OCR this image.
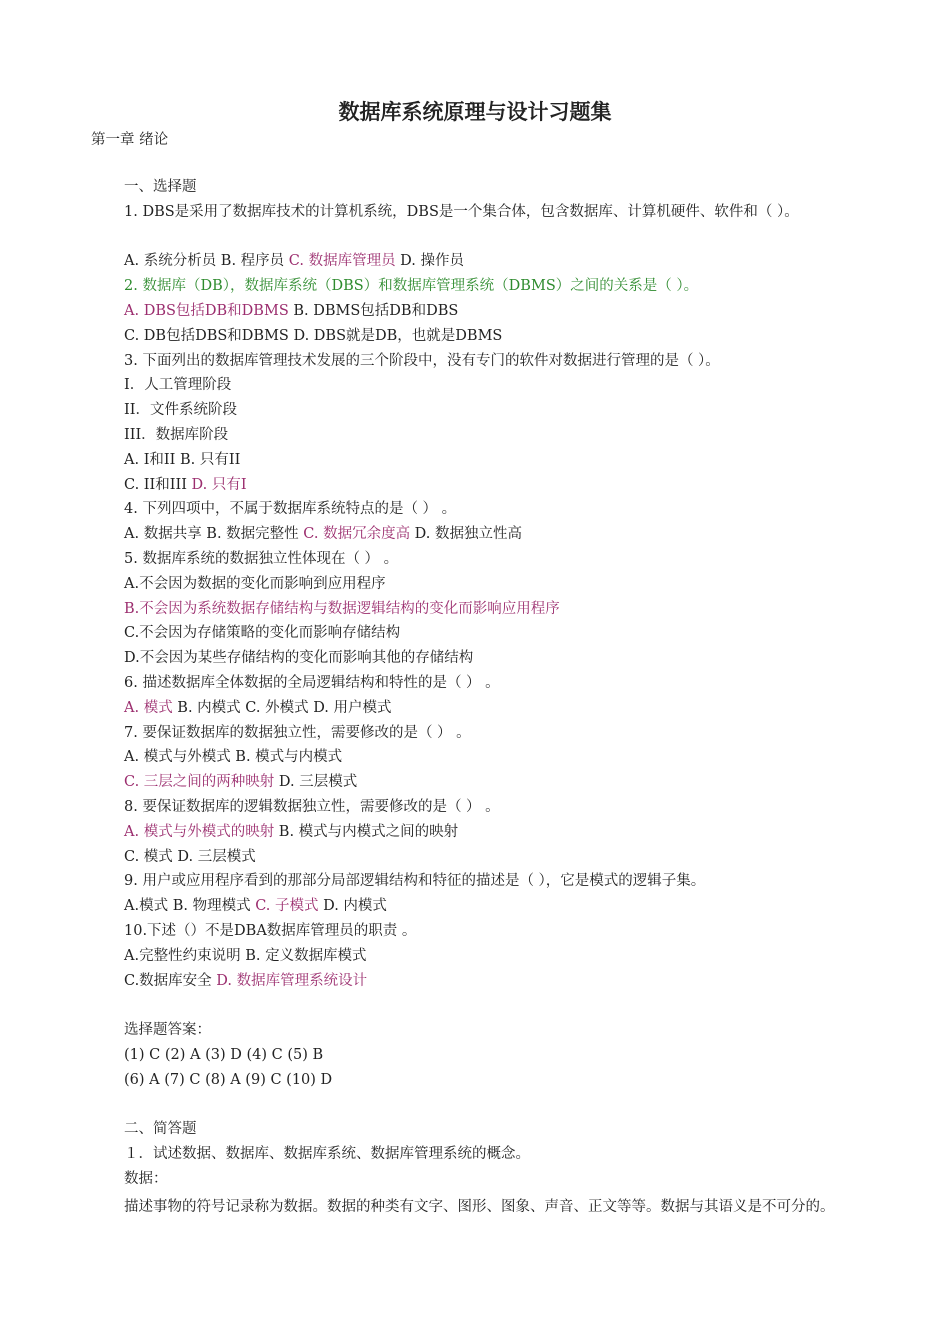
数据库系统原理与设计习题集
第一章 绪论
一、选择题
1. DBS是采用了数据库技术的计算机系统，DBS是一个集合体，包含数据库、计算机硬件、软件和（ ）。
A. 系统分析员 B. 程序员 C. 数据库管理员 D. 操作员
2. 数据库（DB），数据库系统（DBS）和数据库管理系统（DBMS）之间的关系是（ ）。
A. DBS包括DB和DBMS B. DBMS包括DB和DBS
C. DB包括DBS和DBMS D. DBS就是DB，也就是DBMS
3. 下面列出的数据库管理技术发展的三个阶段中，没有专门的软件对数据进行管理的是（ ）。
I．人工管理阶段
II．文件系统阶段
III．数据库阶段
A. I和II B. 只有II
C. II和III D. 只有I
4. 下列四项中，不属于数据库系统特点的是（ ） 。
A. 数据共享 B. 数据完整性 C. 数据冗余度高 D. 数据独立性高
5. 数据库系统的数据独立性体现在（ ） 。
A.不会因为数据的变化而影响到应用程序
B.不会因为系统数据存储结构与数据逻辑结构的变化而影响应用程序
C.不会因为存储策略的变化而影响存储结构
D.不会因为某些存储结构的变化而影响其他的存储结构
6. 描述数据库全体数据的全局逻辑结构和特性的是（ ） 。
A. 模式 B. 内模式 C. 外模式 D. 用户模式
7. 要保证数据库的数据独立性，需要修改的是（ ） 。
A. 模式与外模式 B. 模式与内模式
C. 三层之间的两种映射 D. 三层模式
8. 要保证数据库的逻辑数据独立性，需要修改的是（ ） 。
A. 模式与外模式的映射 B. 模式与内模式之间的映射
C. 模式 D. 三层模式
9. 用户或应用程序看到的那部分局部逻辑结构和特征的描述是（ ），它是模式的逻辑子集。
A.模式 B. 物理模式 C. 子模式 D. 内模式
10.下述（）不是DBA数据库管理员的职责 。
A.完整性约束说明 B. 定义数据库模式
C.数据库安全 D. 数据库管理系统设计
选择题答案：
(1) C (2) A (3) D (4) C (5) B
(6) A (7) C (8) A (9) C (10) D
二、简答题
１．试述数据、数据库、数据库系统、数据库管理系统的概念。
数据：
描述事物的符号记录称为数据。数据的种类有文字、图形、图象、声音、正文等等。数据与其语义是不可分的。
